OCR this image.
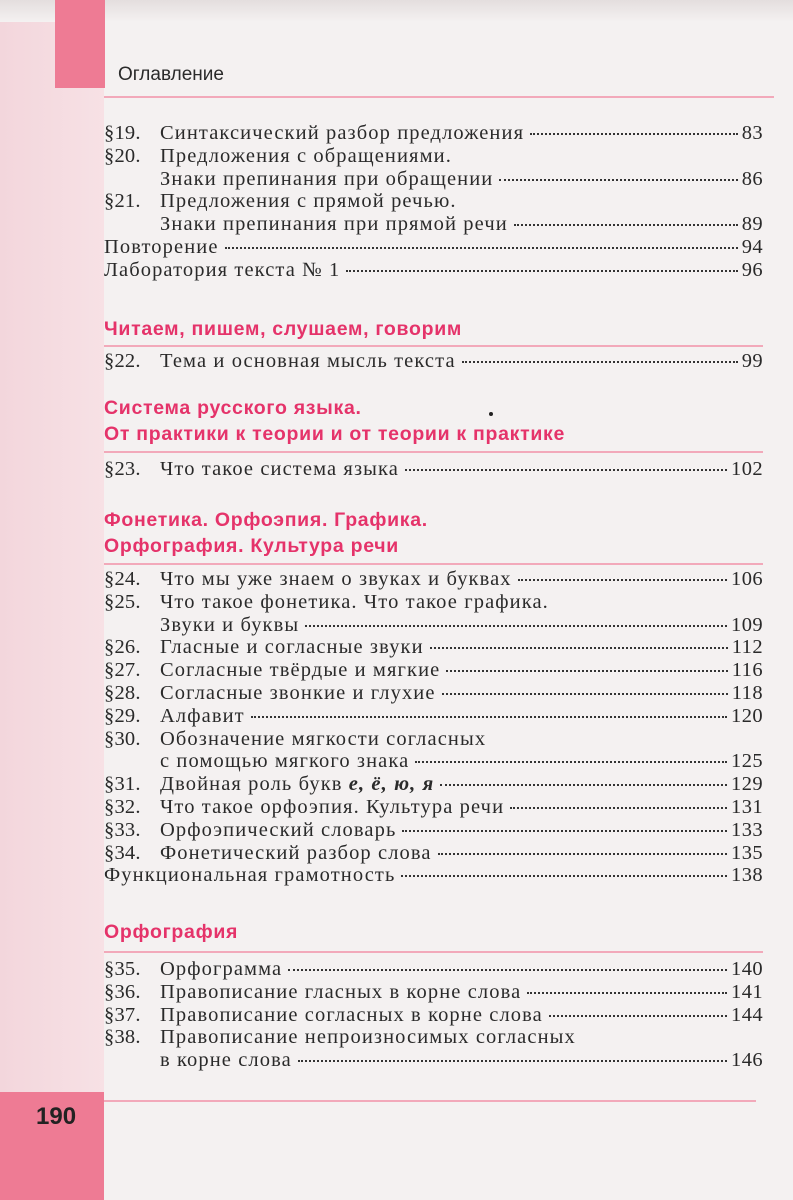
Оглавление
§19. Синтаксический разбор предложения	83
§20. Предложения с обращениями.
Знаки препинания при обращении	86
§21. Предложения с прямой речью.
Знаки препинания при прямой речи	89
Повторение	94
Лаборатория текста № 1	96
Читаем, пишем, слушаем, говорим
§22. Тема и основная мысль текста	99
Система русского языка.
От практики к теории и от теории к практике
§23. Что такое система языка	102
Фонетика. Орфоэпия. Графика.
Орфография. Культура речи
§24. Что мы уже знаем о звуках и буквах	106
§25. Что такое фонетика. Что такое графика.
Звуки и буквы	109
§26. Гласные и согласные звуки	112
§27. Согласные твёрдые и мягкие	116
§28. Согласные звонкие и глухие	118
§29. Алфавит	120
§30. Обозначение мягкости согласных
с помощью мягкого знака	125
§31. Двойная роль букв е, ё, ю, я	129
§32. Что такое орфоэпия. Культура речи	131
§33. Орфоэпический словарь	133
§34. Фонетический разбор слова	135
Функциональная грамотность	138
Орфография
§35. Орфограмма	140
§36. Правописание гласных в корне слова	141
§37. Правописание согласных в корне слова	144
§38. Правописание непроизносимых согласных
в корне слова	146
190
